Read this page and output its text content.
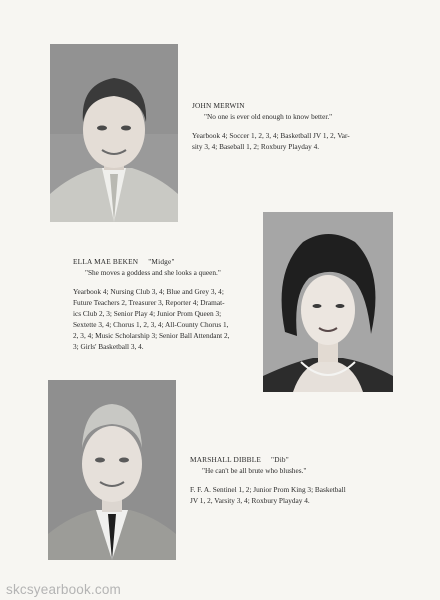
JOHN MERWIN
"No one is ever old enough to know better."
Yearbook 4; Soccer 1, 2, 3, 4; Basketball JV 1, 2, Var-
sity 3, 4; Baseball 1, 2; Roxbury Playday 4.
ELLA MAE BEKEN "Midge"
"She moves a goddess and she looks a queen."
Yearbook 4; Nursing Club 3, 4; Blue and Grey 3, 4;
Future Teachers 2, Treasurer 3, Reporter 4; Dramat-
ics Club 2, 3; Senior Play 4; Junior Prom Queen 3;
Sextette 3, 4; Chorus 1, 2, 3, 4; All-County Chorus 1,
2, 3, 4; Music Scholarship 3; Senior Ball Attendant 2,
3; Girls' Basketball 3, 4.
MARSHALL DIBBLE "Dib"
"He can't be all brute who blushes."
F. F. A. Sentinel 1, 2; Junior Prom King 3; Basketball
JV 1, 2, Varsity 3, 4; Roxbury Playday 4.
skcsyearbook.com
